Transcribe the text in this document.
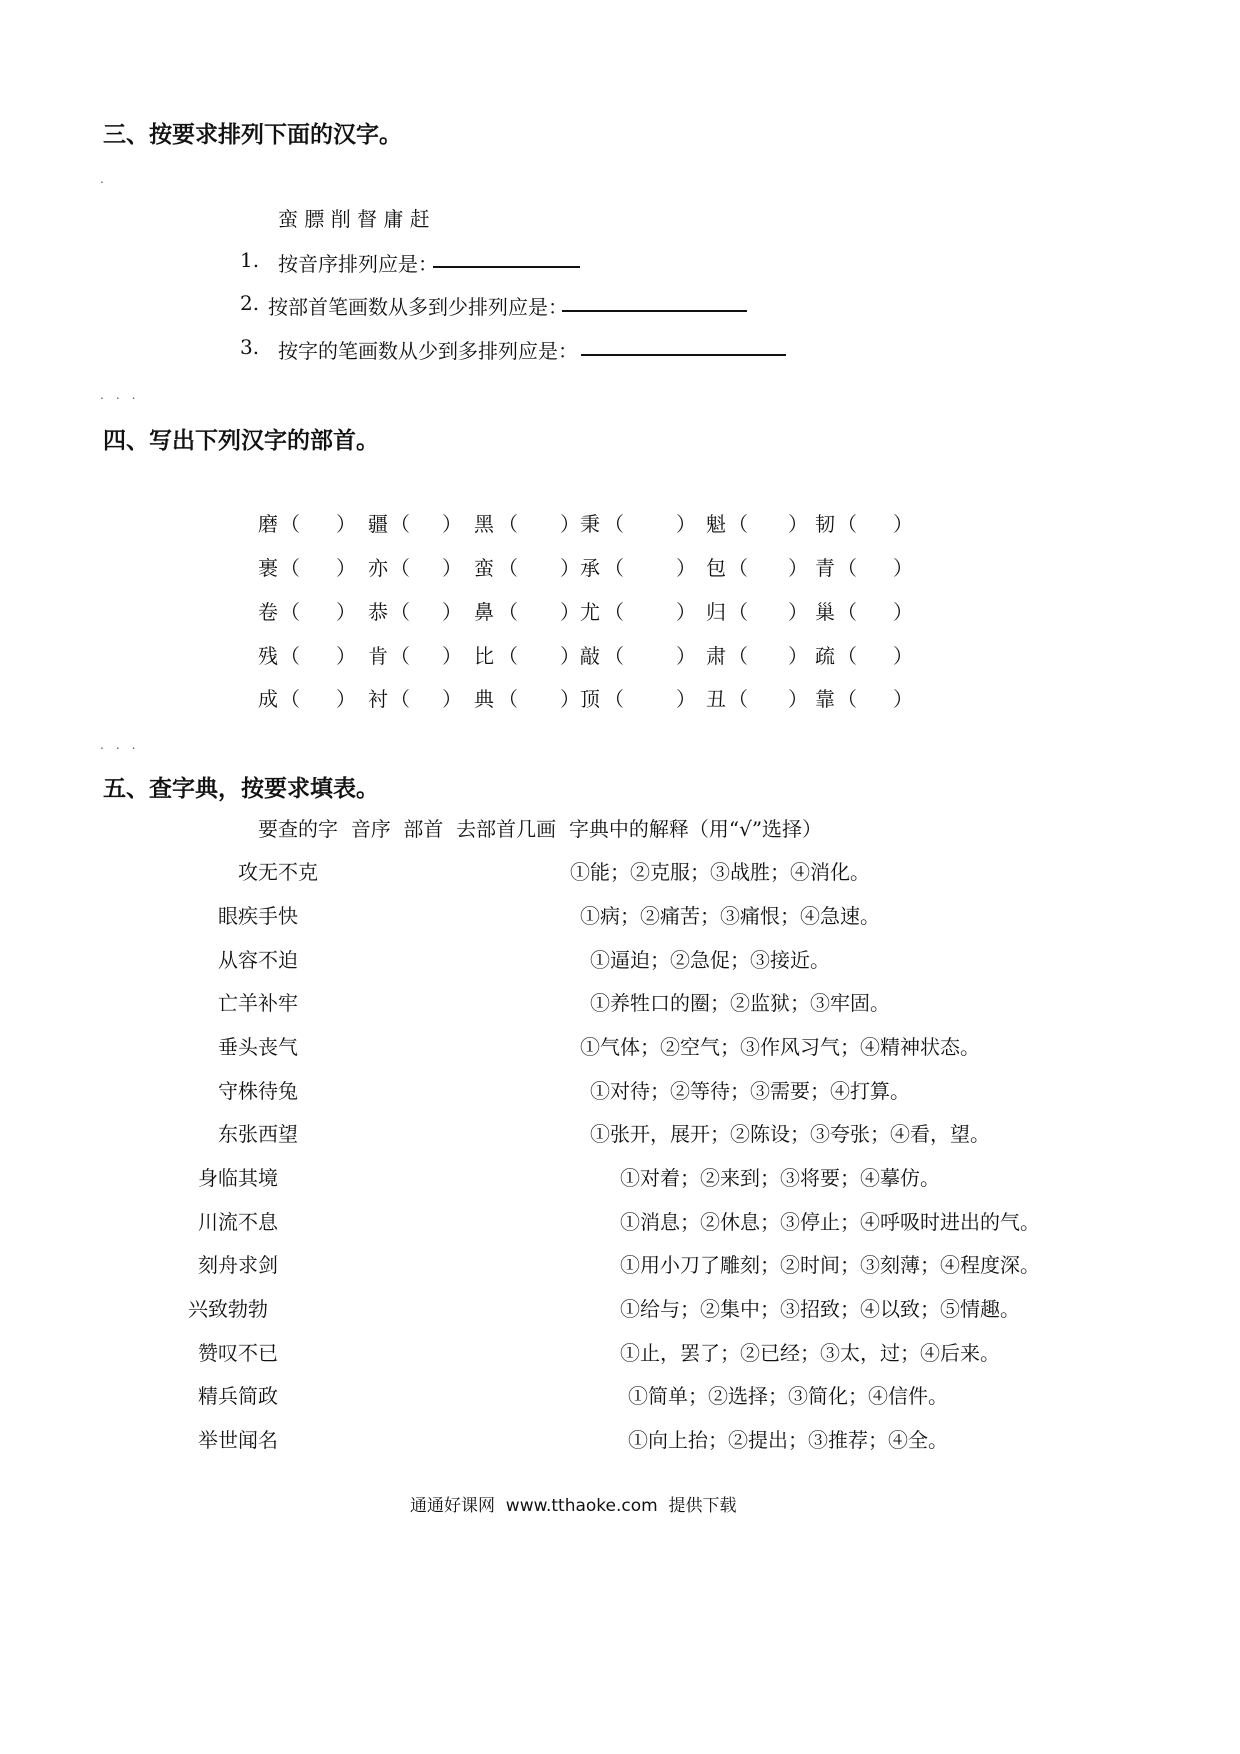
三、按要求排列下面的汉字。
.
蛮 膘 削 督 庸 赶
1. 按音序排列应是：
2. 按部首笔画数从多到少排列应是：
3. 按字的笔画数从少到多排列应是：
...
四、写出下列汉字的部首。
磨 （ ） 疆 （ ） 黑 （ ） 秉 （	） 魁 （ ） 韧 （ ）
裹 （ ） 亦 （ ） 蛮 （ ） 承 （	） 包 （ ） 青 （ ）
卷 （ ） 恭 （ ） 鼻 （ ） 尤 （	） 归 （ ） 巢 （ ）
残 （ ） 肯 （ ） 比 （ ） 敲 （	） 肃 （ ） 疏 （ ）
成 （ ） 衬 （ ） 典 （ ） 顶 （	） 丑 （ ） 靠 （ ）
...
五、查字典，按要求填表。
要查的字  音序  部首  去部首几画  字典中的解释（用“√”选择）
攻无不克	①能；②克服；③战胜；④消化。
眼疾手快	①病；②痛苦；③痛恨；④急速。
从容不迫	①逼迫；②急促；③接近。
亡羊补牢	①养牲口的圈；②监狱；③牢固。
垂头丧气	①气体；②空气；③作风习气；④精神状态。
守株待兔	①对待；②等待；③需要；④打算。
东张西望	①张开，展开；②陈设；③夸张；④看，望。
身临其境	①对着；②来到；③将要；④摹仿。
川流不息	①消息；②休息；③停止；④呼吸时进出的气。
刻舟求剑	①用小刀了雕刻；②时间；③刻薄；④程度深。
兴致勃勃	①给与；②集中；③招致；④以致；⑤情趣。
赞叹不已	①止，罢了；②已经；③太，过；④后来。
精兵简政	①简单；②选择；③简化；④信件。
举世闻名	①向上抬；②提出；③推荐；④全。
通通好课网  www.tthaoke.com  提供下载
